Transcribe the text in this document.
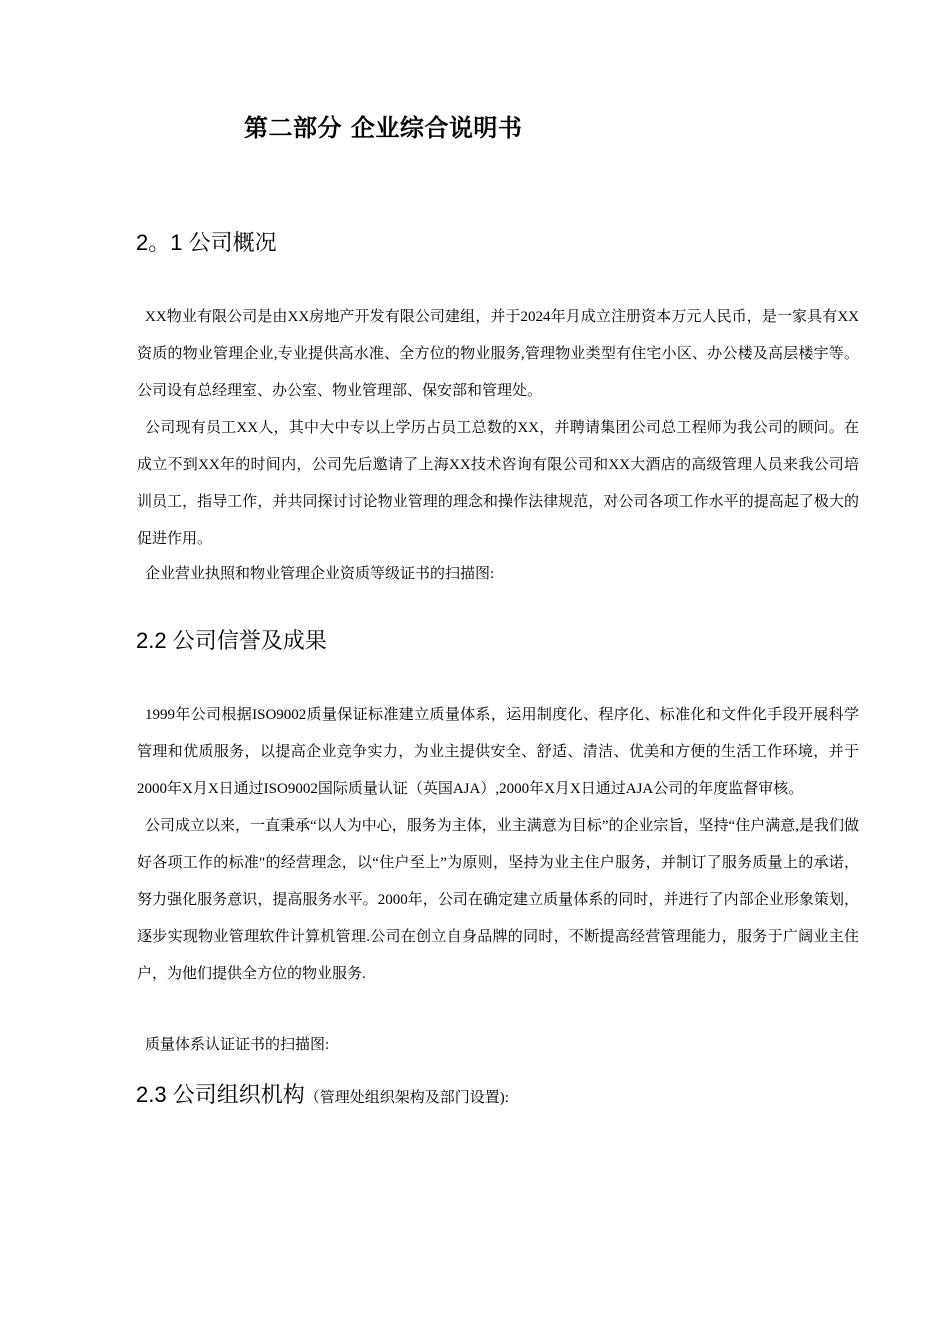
第二部分 企业综合说明书
2。1 公司概况

XX物业有限公司是由XX房地产开发有限公司建组，并于2024年月成立注册资本万元人民币，是一家具有XX资质的物业管理企业,专业提供高水准、全方位的物业服务,管理物业类型有住宅小区、办公楼及高层楼宇等。公司设有总经理室、办公室、物业管理部、保安部和管理处。

公司现有员工XX人，其中大中专以上学历占员工总数的XX，并聘请集团公司总工程师为我公司的顾问。在成立不到XX年的时间内，公司先后邀请了上海XX技术咨询有限公司和XX大酒店的高级管理人员来我公司培训员工，指导工作，并共同探讨讨论物业管理的理念和操作法律规范，对公司各项工作水平的提高起了极大的促进作用。

企业营业执照和物业管理企业资质等级证书的扫描图:
2.2 公司信誉及成果

1999年公司根据ISO9002质量保证标准建立质量体系，运用制度化、程序化、标准化和文件化手段开展科学管理和优质服务，以提高企业竞争实力，为业主提供安全、舒适、清洁、优美和方便的生活工作环境，并于2000年X月X日通过ISO9002国际质量认证（英国AJA）,2000年X月X日通过AJA公司的年度监督审核。

公司成立以来，一直秉承“以人为中心，服务为主体，业主满意为目标”的企业宗旨，坚持“住户满意,是我们做好各项工作的标准"的经营理念，以“住户至上”为原则，坚持为业主住户服务，并制订了服务质量上的承诺，努力强化服务意识，提高服务水平。2000年，公司在确定建立质量体系的同时，并进行了内部企业形象策划，逐步实现物业管理软件计算机管理.公司在创立自身品牌的同时，不断提高经营管理能力，服务于广阔业主住户，为他们提供全方位的物业服务.

质量体系认证证书的扫描图:
2.3 公司组织机构（管理处组织架构及部门设置):
